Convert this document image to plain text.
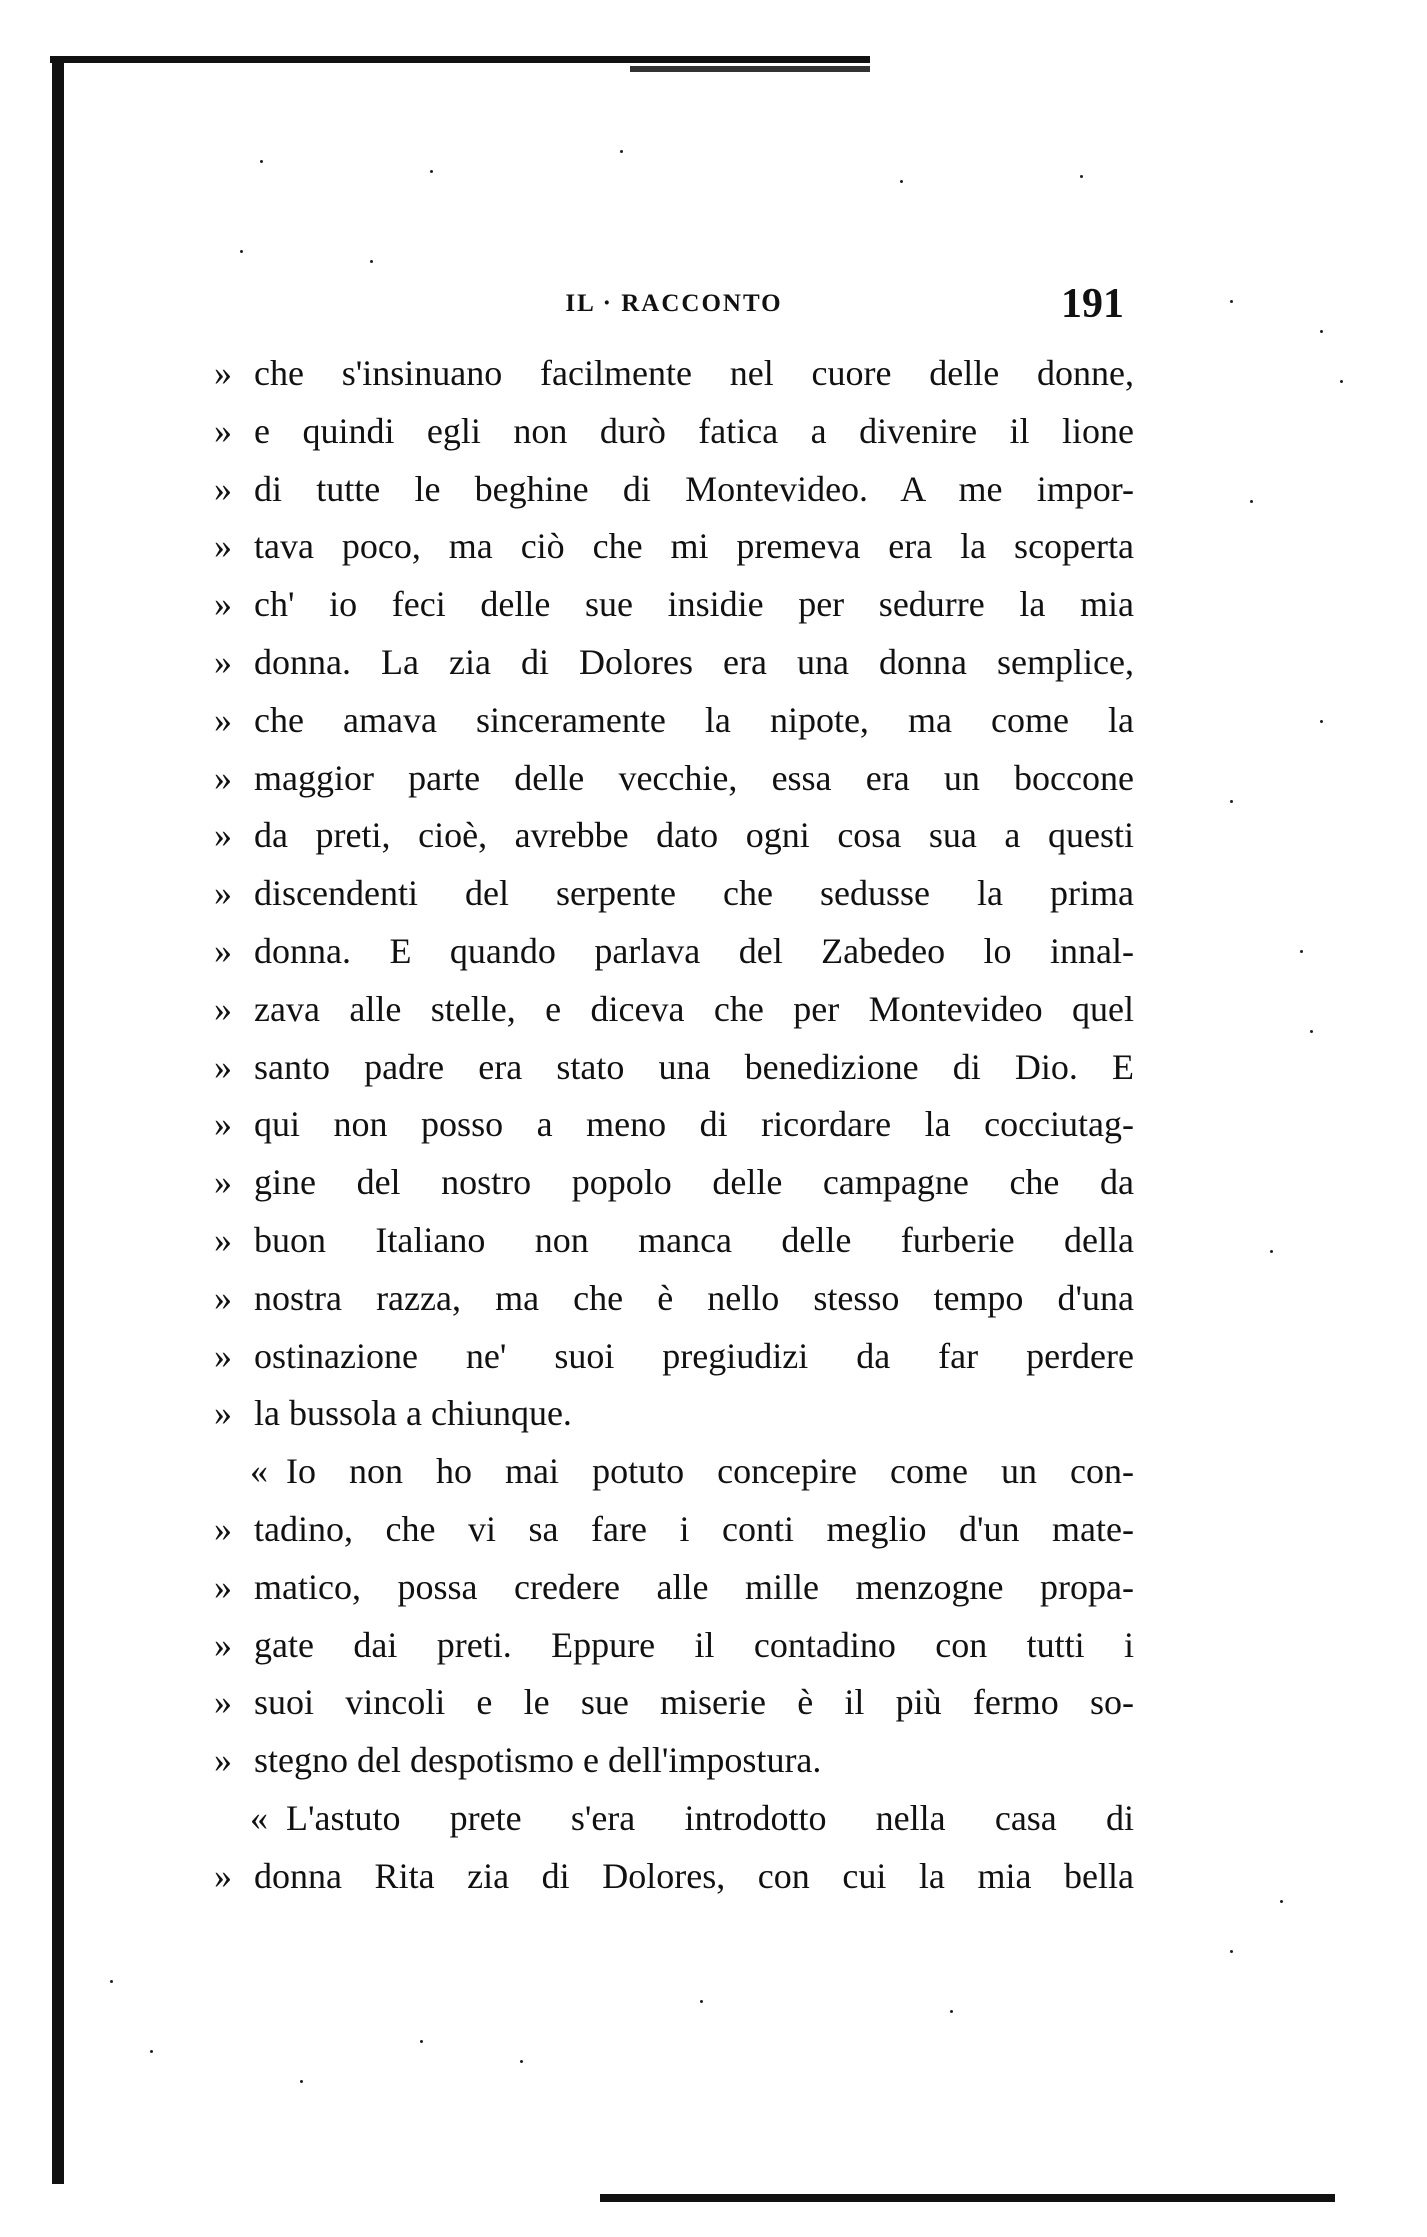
IL · RACCONTO	191
» che s'insinuano facilmente nel cuore delle donne,
» e quindi egli non durò fatica a divenire il lione
» di tutte le beghine di Montevideo. A me impor-
» tava poco, ma ciò che mi premeva era la scoperta
» ch' io feci delle sue insidie per sedurre la mia
» donna. La zia di Dolores era una donna semplice,
» che amava sinceramente la nipote, ma come la
» maggior parte delle vecchie, essa era un boccone
» da preti, cioè, avrebbe dato ogni cosa sua a questi
» discendenti del serpente che sedusse la prima
» donna. E quando parlava del Zabedeo lo innal-
» zava alle stelle, e diceva che per Montevideo quel
» santo padre era stato una benedizione di Dio. E
» qui non posso a meno di ricordare la cocciutag-
» gine del nostro popolo delle campagne che da
» buon Italiano non manca delle furberie della
» nostra razza, ma che è nello stesso tempo d'una
» ostinazione ne' suoi pregiudizi da far perdere
» la bussola a chiunque.
« Io non ho mai potuto concepire come un con-
» tadino, che vi sa fare i conti meglio d'un mate-
» matico, possa credere alle mille menzogne propa-
» gate dai preti. Eppure il contadino con tutti i
» suoi vincoli e le sue miserie è il più fermo so-
» stegno del despotismo e dell'impostura.
« L'astuto prete s'era introdotto nella casa di
» donna Rita zia di Dolores, con cui la mia bella
